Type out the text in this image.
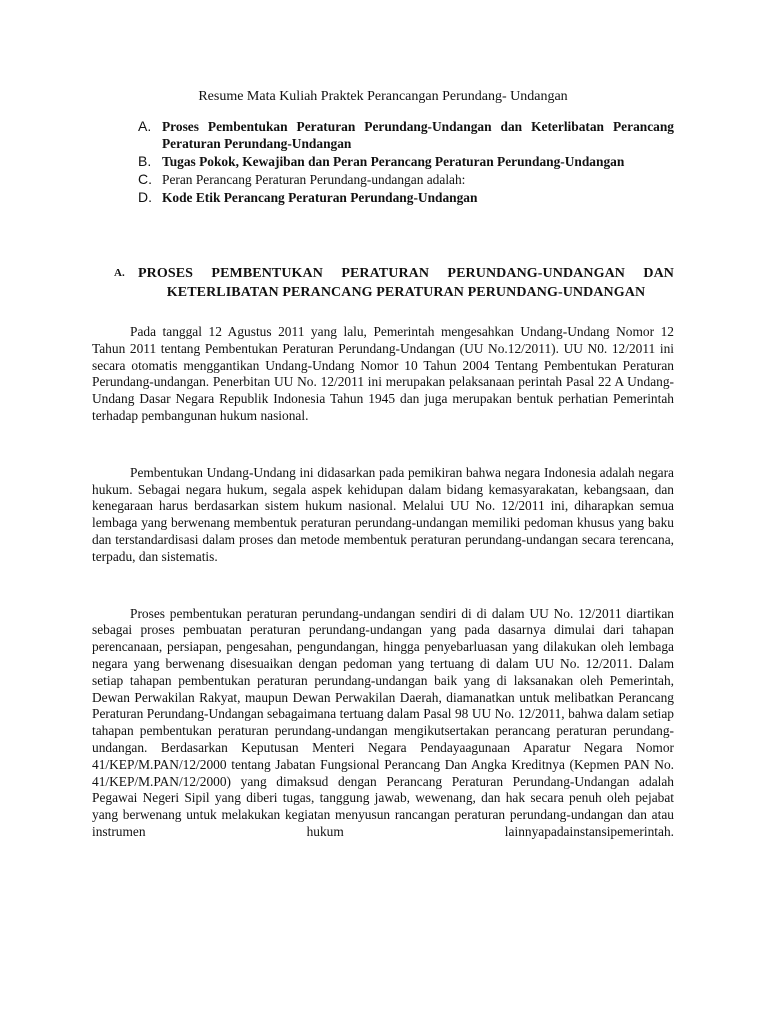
Resume Mata Kuliah Praktek Perancangan Perundang- Undangan
A. Proses Pembentukan Peraturan Perundang-Undangan dan Keterlibatan Perancang Peraturan Perundang-Undangan
B. Tugas Pokok, Kewajiban dan Peran Perancang Peraturan Perundang-Undangan
C. Peran Perancang Peraturan Perundang-undangan adalah:
D. Kode Etik Perancang Peraturan Perundang-Undangan
A. PROSES PEMBENTUKAN PERATURAN PERUNDANG-UNDANGAN DAN KETERLIBATAN PERANCANG PERATURAN PERUNDANG-UNDANGAN

Pada tanggal 12 Agustus 2011 yang lalu, Pemerintah mengesahkan Undang-Undang Nomor 12 Tahun 2011 tentang Pembentukan Peraturan Perundang-Undangan (UU No.12/2011). UU N0. 12/2011 ini secara otomatis menggantikan Undang-Undang Nomor 10 Tahun 2004 Tentang Pembentukan Peraturan Perundang-undangan. Penerbitan UU No. 12/2011 ini merupakan pelaksanaan perintah Pasal 22 A Undang-Undang Dasar Negara Republik Indonesia Tahun 1945 dan juga merupakan bentuk perhatian Pemerintah terhadap pembangunan hukum nasional.

Pembentukan Undang-Undang ini didasarkan pada pemikiran bahwa negara Indonesia adalah negara hukum. Sebagai negara hukum, segala aspek kehidupan dalam bidang kemasyarakatan, kebangsaan, dan kenegaraan harus berdasarkan sistem hukum nasional. Melalui UU No. 12/2011 ini, diharapkan semua lembaga yang berwenang membentuk peraturan perundang-undangan memiliki pedoman khusus yang baku dan terstandardisasi dalam proses dan metode membentuk peraturan perundang-undangan secara terencana, terpadu, dan sistematis.

Proses pembentukan peraturan perundang-undangan sendiri di di dalam UU No. 12/2011 diartikan sebagai proses pembuatan peraturan perundang-undangan yang pada dasarnya dimulai dari tahapan perencanaan, persiapan, pengesahan, pengundangan, hingga penyebarluasan yang dilakukan oleh lembaga negara yang berwenang disesuaikan dengan pedoman yang tertuang di dalam UU No. 12/2011. Dalam setiap tahapan pembentukan peraturan perundang-undangan baik yang di laksanakan oleh Pemerintah, Dewan Perwakilan Rakyat, maupun Dewan Perwakilan Daerah, diamanatkan untuk melibatkan Perancang Peraturan Perundang-Undangan sebagaimana tertuang dalam Pasal 98 UU No. 12/2011, bahwa dalam setiap tahapan pembentukan peraturan perundang-undangan mengikutsertakan perancang peraturan perundang-undangan. Berdasarkan Keputusan Menteri Negara Pendayaagunaan Aparatur Negara Nomor 41/KEP/M.PAN/12/2000 tentang Jabatan Fungsional Perancang Dan Angka Kreditnya (Kepmen PAN No. 41/KEP/M.PAN/12/2000) yang dimaksud dengan Perancang Peraturan Perundang-Undangan adalah Pegawai Negeri Sipil yang diberi tugas, tanggung jawab, wewenang, dan hak secara penuh oleh pejabat yang berwenang untuk melakukan kegiatan menyusun rancangan peraturan perundang-undangan dan atau instrumen hukum lainnyapadainstansipemerintah.
